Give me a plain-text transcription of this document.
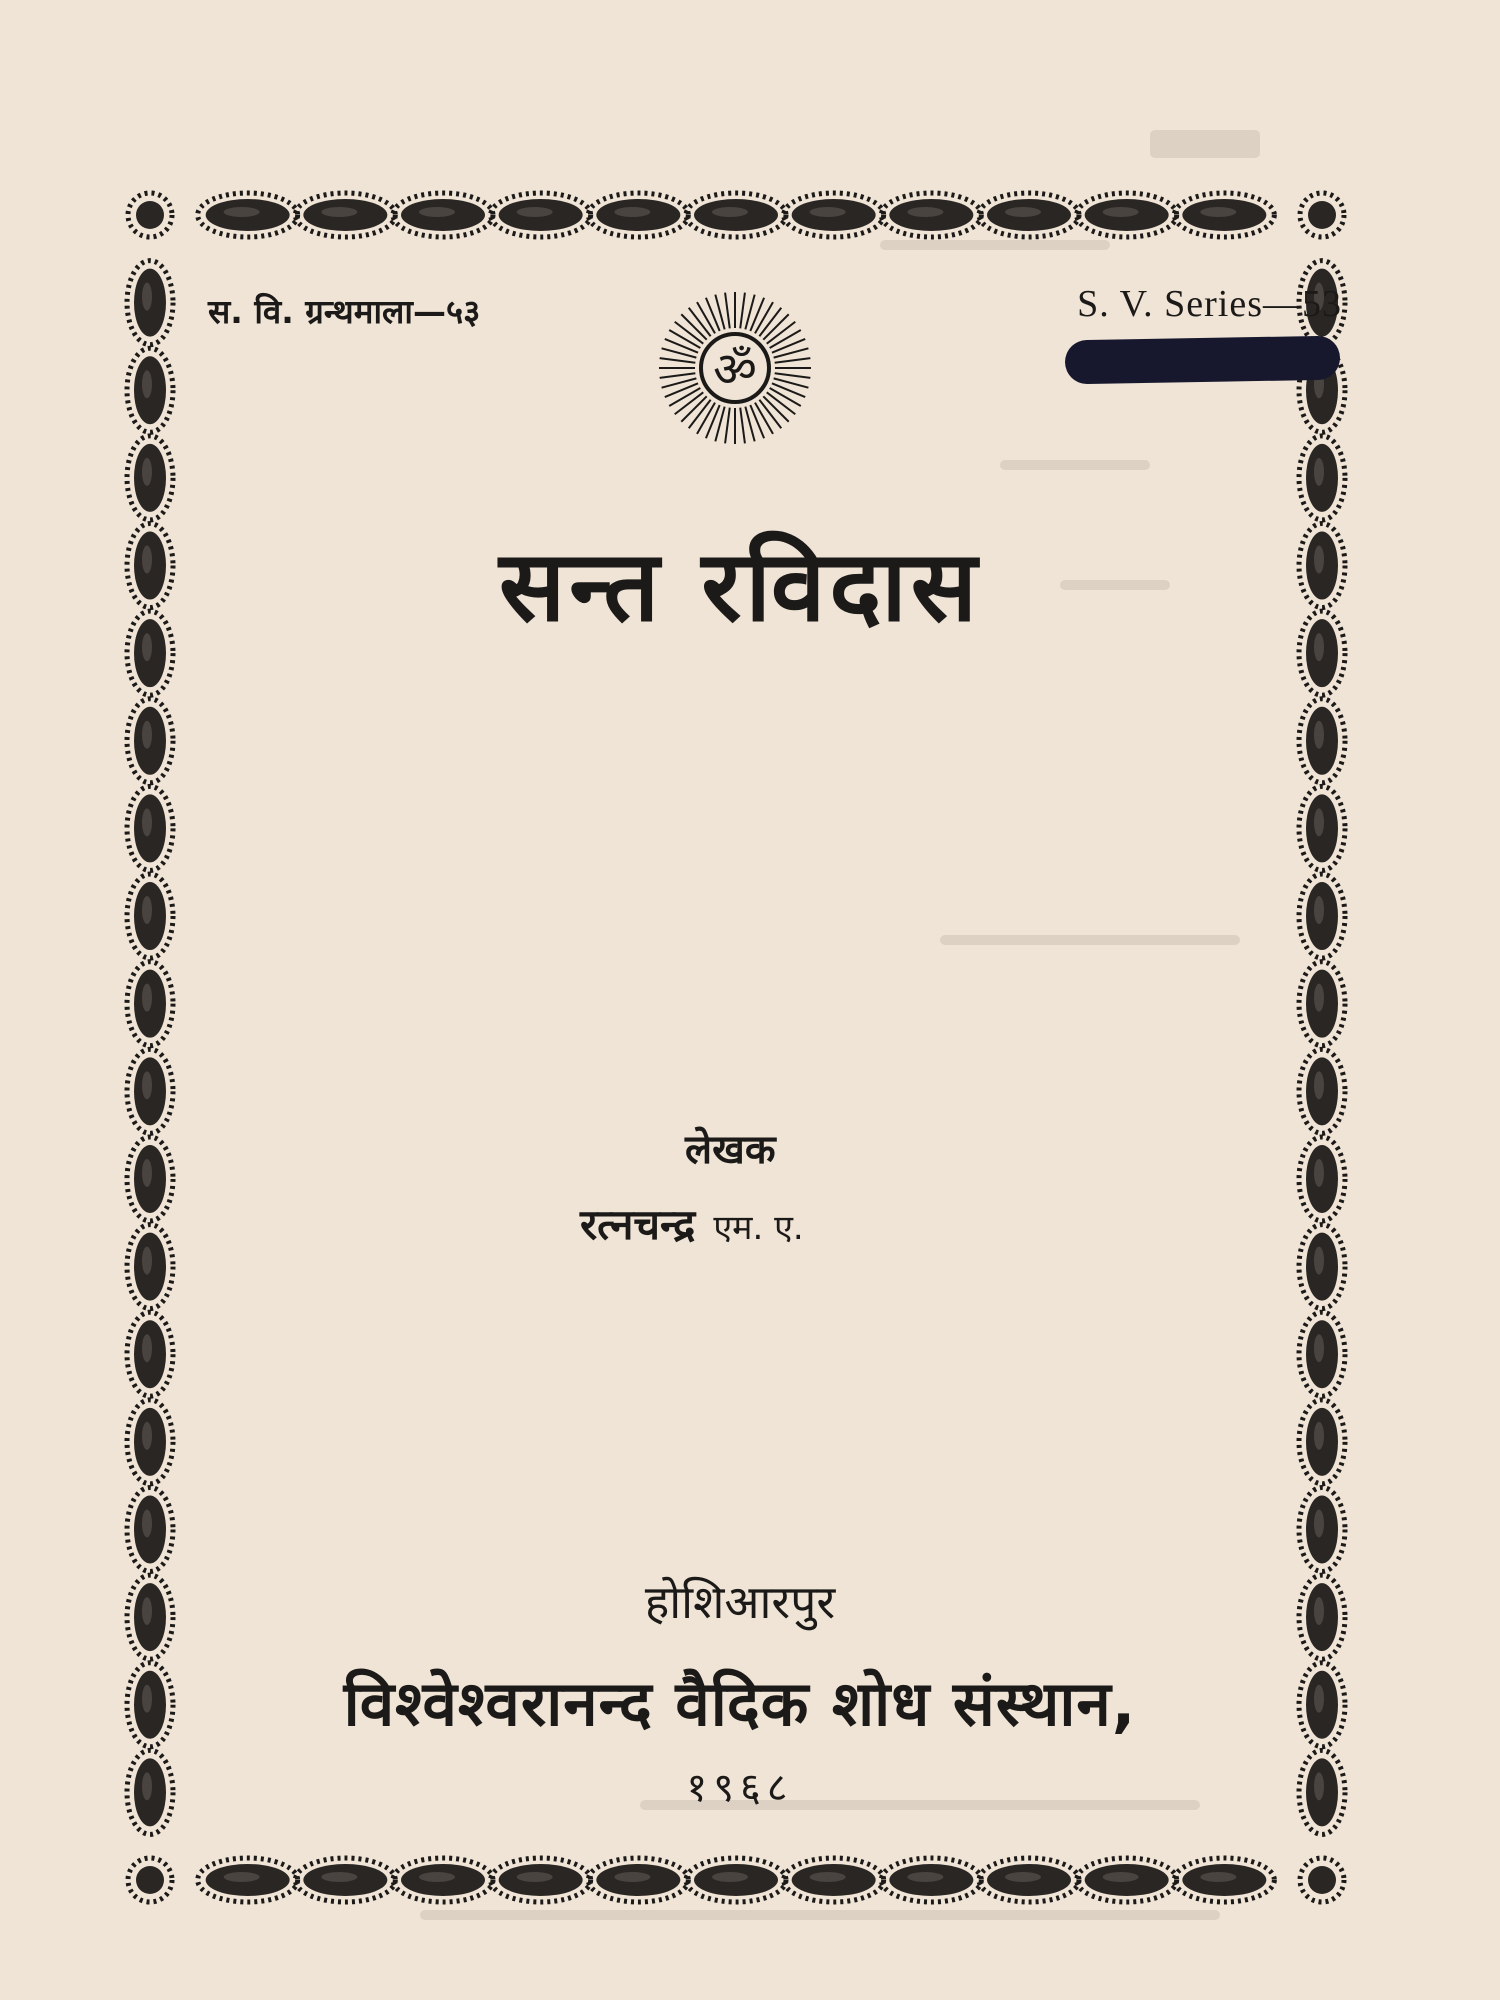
स. वि. ग्रन्थमाला—५३
ॐ
S. V. Series—53
सन्त रविदास
लेखक
रत्नचन्द्र एम. ए.
होशिआरपुर
विश्वेश्वरानन्द वैदिक शोध संस्थान,
१९६८
